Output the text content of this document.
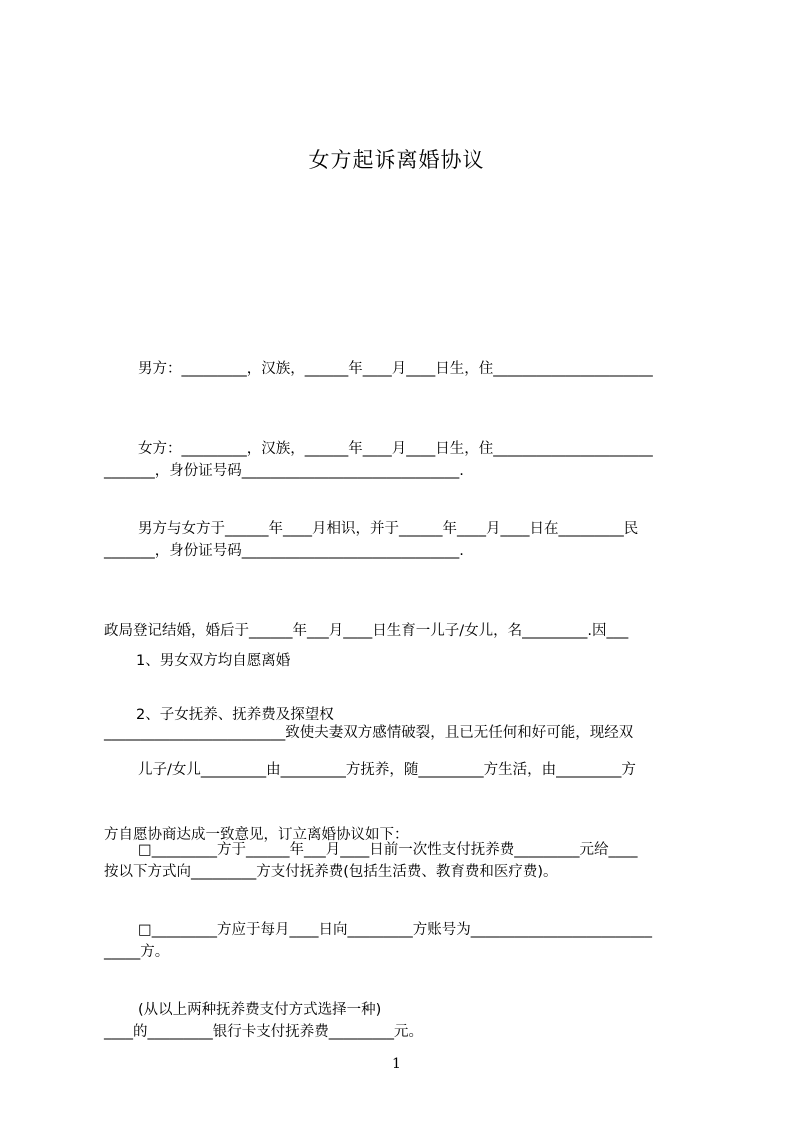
女方起诉离婚协议

男方：_________，汉族，______年____月____日生，住______________________

_______，身份证号码______________________________.

女方：_________，汉族，______年____月____日生，住______________________

_______，身份证号码______________________________.

男方与女方于______年____月相识，并于______年____月____日在_________民

政局登记结婚，婚后于______年___月____日生育一儿子/女儿，名_________.因___

_________________________致使夫妻双方感情破裂，且已无任何和好可能，现经双

方自愿协商达成一致意见，订立离婚协议如下：

1、男女双方均自愿离婚

2、子女抚养、抚养费及探望权

儿子/女儿_________由_________方抚养，随_________方生活，由_________方

按以下方式向_________方支付抚养费(包括生活费、教育费和医疗费)。

□_________方于______年___月____日前一次性支付抚养费_________元给____

_____方。

□_________方应于每月____日向_________方账号为_________________________

____的_________银行卡支付抚养费_________元。

(从以上两种抚养费支付方式选择一种)

1
